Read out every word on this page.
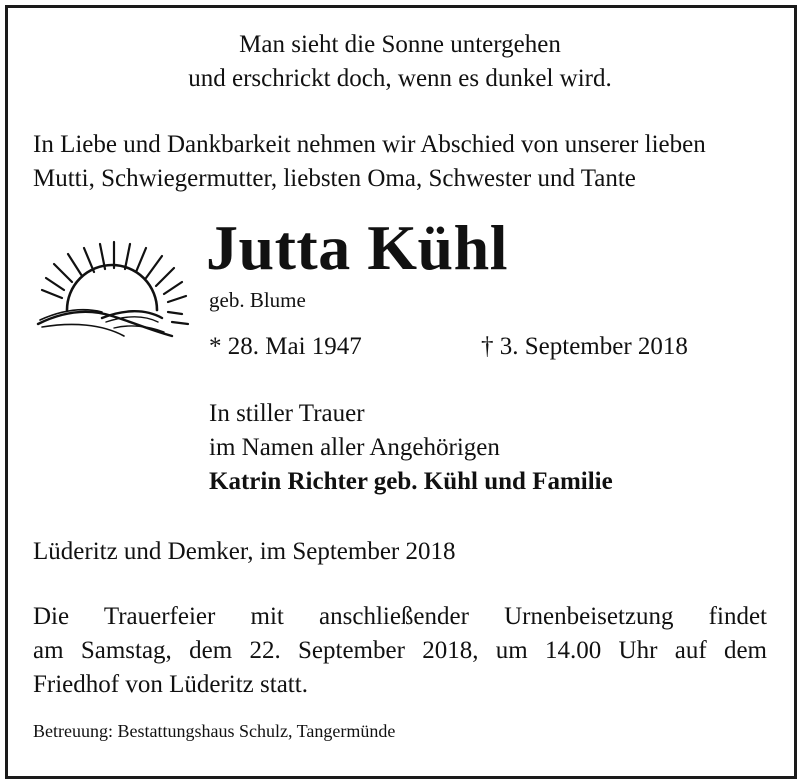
Man sieht die Sonne untergehen
und erschrickt doch, wenn es dunkel wird.
In Liebe und Dankbarkeit nehmen wir Abschied von unserer lieben
Mutti, Schwiegermutter, liebsten Oma, Schwester und Tante
Jutta Kühl
geb. Blume
* 28. Mai 1947	† 3. September 2018
In stiller Trauer
im Namen aller Angehörigen
Katrin Richter geb. Kühl und Familie
Lüderitz und Demker, im September 2018
Die Trauerfeier mit anschließender Urnenbeisetzung findet
am Samstag, dem 22. September 2018, um 14.00 Uhr auf dem
Friedhof von Lüderitz statt.
Betreuung: Bestattungshaus Schulz, Tangermünde
